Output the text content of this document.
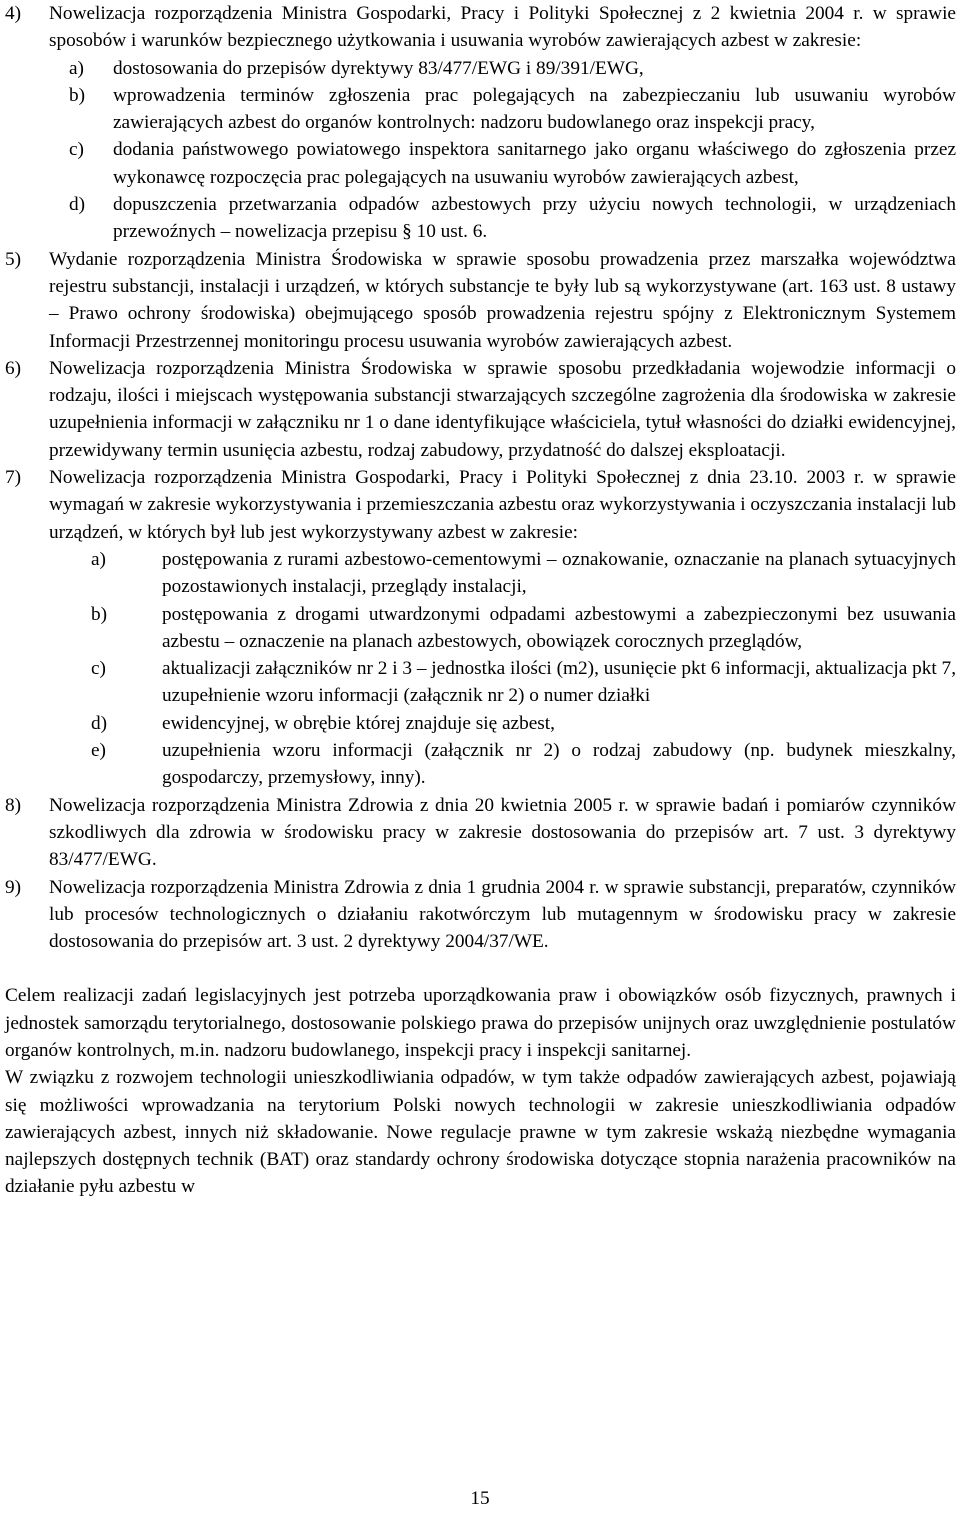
4)	Nowelizacja rozporządzenia Ministra Gospodarki, Pracy i Polityki Społecznej z 2 kwietnia 2004 r. w sprawie sposobów i warunków bezpiecznego użytkowania i usuwania wyrobów zawierających azbest w zakresie:
a)	dostosowania do przepisów dyrektywy 83/477/EWG i 89/391/EWG,
b)	wprowadzenia terminów zgłoszenia prac polegających na zabezpieczaniu lub usuwaniu wyrobów zawierających azbest do organów kontrolnych: nadzoru budowlanego oraz inspekcji pracy,
c)	dodania państwowego powiatowego inspektora sanitarnego jako organu właściwego do zgłoszenia przez wykonawcę rozpoczęcia prac polegających na usuwaniu wyrobów zawierających azbest,
d)	dopuszczenia przetwarzania odpadów azbestowych przy użyciu nowych technologii, w urządzeniach przewoźnych – nowelizacja przepisu § 10 ust. 6.
5)	Wydanie rozporządzenia Ministra Środowiska w sprawie sposobu prowadzenia przez marszałka województwa rejestru substancji, instalacji i urządzeń, w których substancje te były lub są wykorzystywane (art. 163 ust. 8 ustawy – Prawo ochrony środowiska) obejmującego sposób prowadzenia rejestru spójny z Elektronicznym Systemem Informacji Przestrzennej monitoringu procesu usuwania wyrobów zawierających azbest.
6)	Nowelizacja rozporządzenia Ministra Środowiska w sprawie sposobu przedkładania wojewodzie informacji o rodzaju, ilości i miejscach występowania substancji stwarzających szczególne zagrożenia dla środowiska w zakresie uzupełnienia informacji w załączniku nr 1 o dane identyfikujące właściciela, tytuł własności do działki ewidencyjnej, przewidywany termin usunięcia azbestu, rodzaj zabudowy, przydatność do dalszej eksploatacji.
7)	Nowelizacja rozporządzenia Ministra Gospodarki, Pracy i Polityki Społecznej z dnia 23.10. 2003 r. w sprawie wymagań w zakresie wykorzystywania i przemieszczania azbestu oraz wykorzystywania i oczyszczania instalacji lub urządzeń, w których był lub jest wykorzystywany azbest w zakresie:
a)	postępowania z rurami azbestowo-cementowymi – oznakowanie, oznaczanie na planach sytuacyjnych pozostawionych instalacji, przeglądy instalacji,
b)	postępowania z drogami utwardzonymi odpadami azbestowymi a zabezpieczonymi bez usuwania azbestu – oznaczenie na planach azbestowych, obowiązek corocznych przeglądów,
c)	aktualizacji załączników nr 2 i 3 – jednostka ilości (m2), usunięcie pkt 6 informacji, aktualizacja pkt 7, uzupełnienie wzoru informacji (załącznik nr 2) o numer działki
d)	ewidencyjnej, w obrębie której znajduje się azbest,
e)	uzupełnienia wzoru informacji (załącznik nr 2) o rodzaj zabudowy (np. budynek mieszkalny, gospodarczy, przemysłowy, inny).
8)	Nowelizacja rozporządzenia Ministra Zdrowia z dnia 20 kwietnia 2005 r. w sprawie badań i pomiarów czynników szkodliwych dla zdrowia w środowisku pracy w zakresie dostosowania do przepisów art. 7 ust. 3 dyrektywy 83/477/EWG.
9)	Nowelizacja rozporządzenia Ministra Zdrowia z dnia 1 grudnia 2004 r. w sprawie substancji, preparatów, czynników lub procesów technologicznych o działaniu rakotwórczym lub mutagennym w środowisku pracy w zakresie dostosowania do przepisów art. 3 ust. 2 dyrektywy 2004/37/WE.

Celem realizacji zadań legislacyjnych jest potrzeba uporządkowania praw i obowiązków osób fizycznych, prawnych i jednostek samorządu terytorialnego, dostosowanie polskiego prawa do przepisów unijnych oraz uwzględnienie postulatów organów kontrolnych, m.in. nadzoru budowlanego, inspekcji pracy i inspekcji sanitarnej.

W związku z rozwojem technologii unieszkodliwiania odpadów, w tym także odpadów zawierających azbest, pojawiają się możliwości wprowadzania na terytorium Polski nowych technologii w zakresie unieszkodliwiania odpadów zawierających azbest, innych niż składowanie. Nowe regulacje prawne w tym zakresie wskażą niezbędne wymagania najlepszych dostępnych technik (BAT) oraz standardy ochrony środowiska dotyczące stopnia narażenia pracowników na działanie pyłu azbestu w

15
